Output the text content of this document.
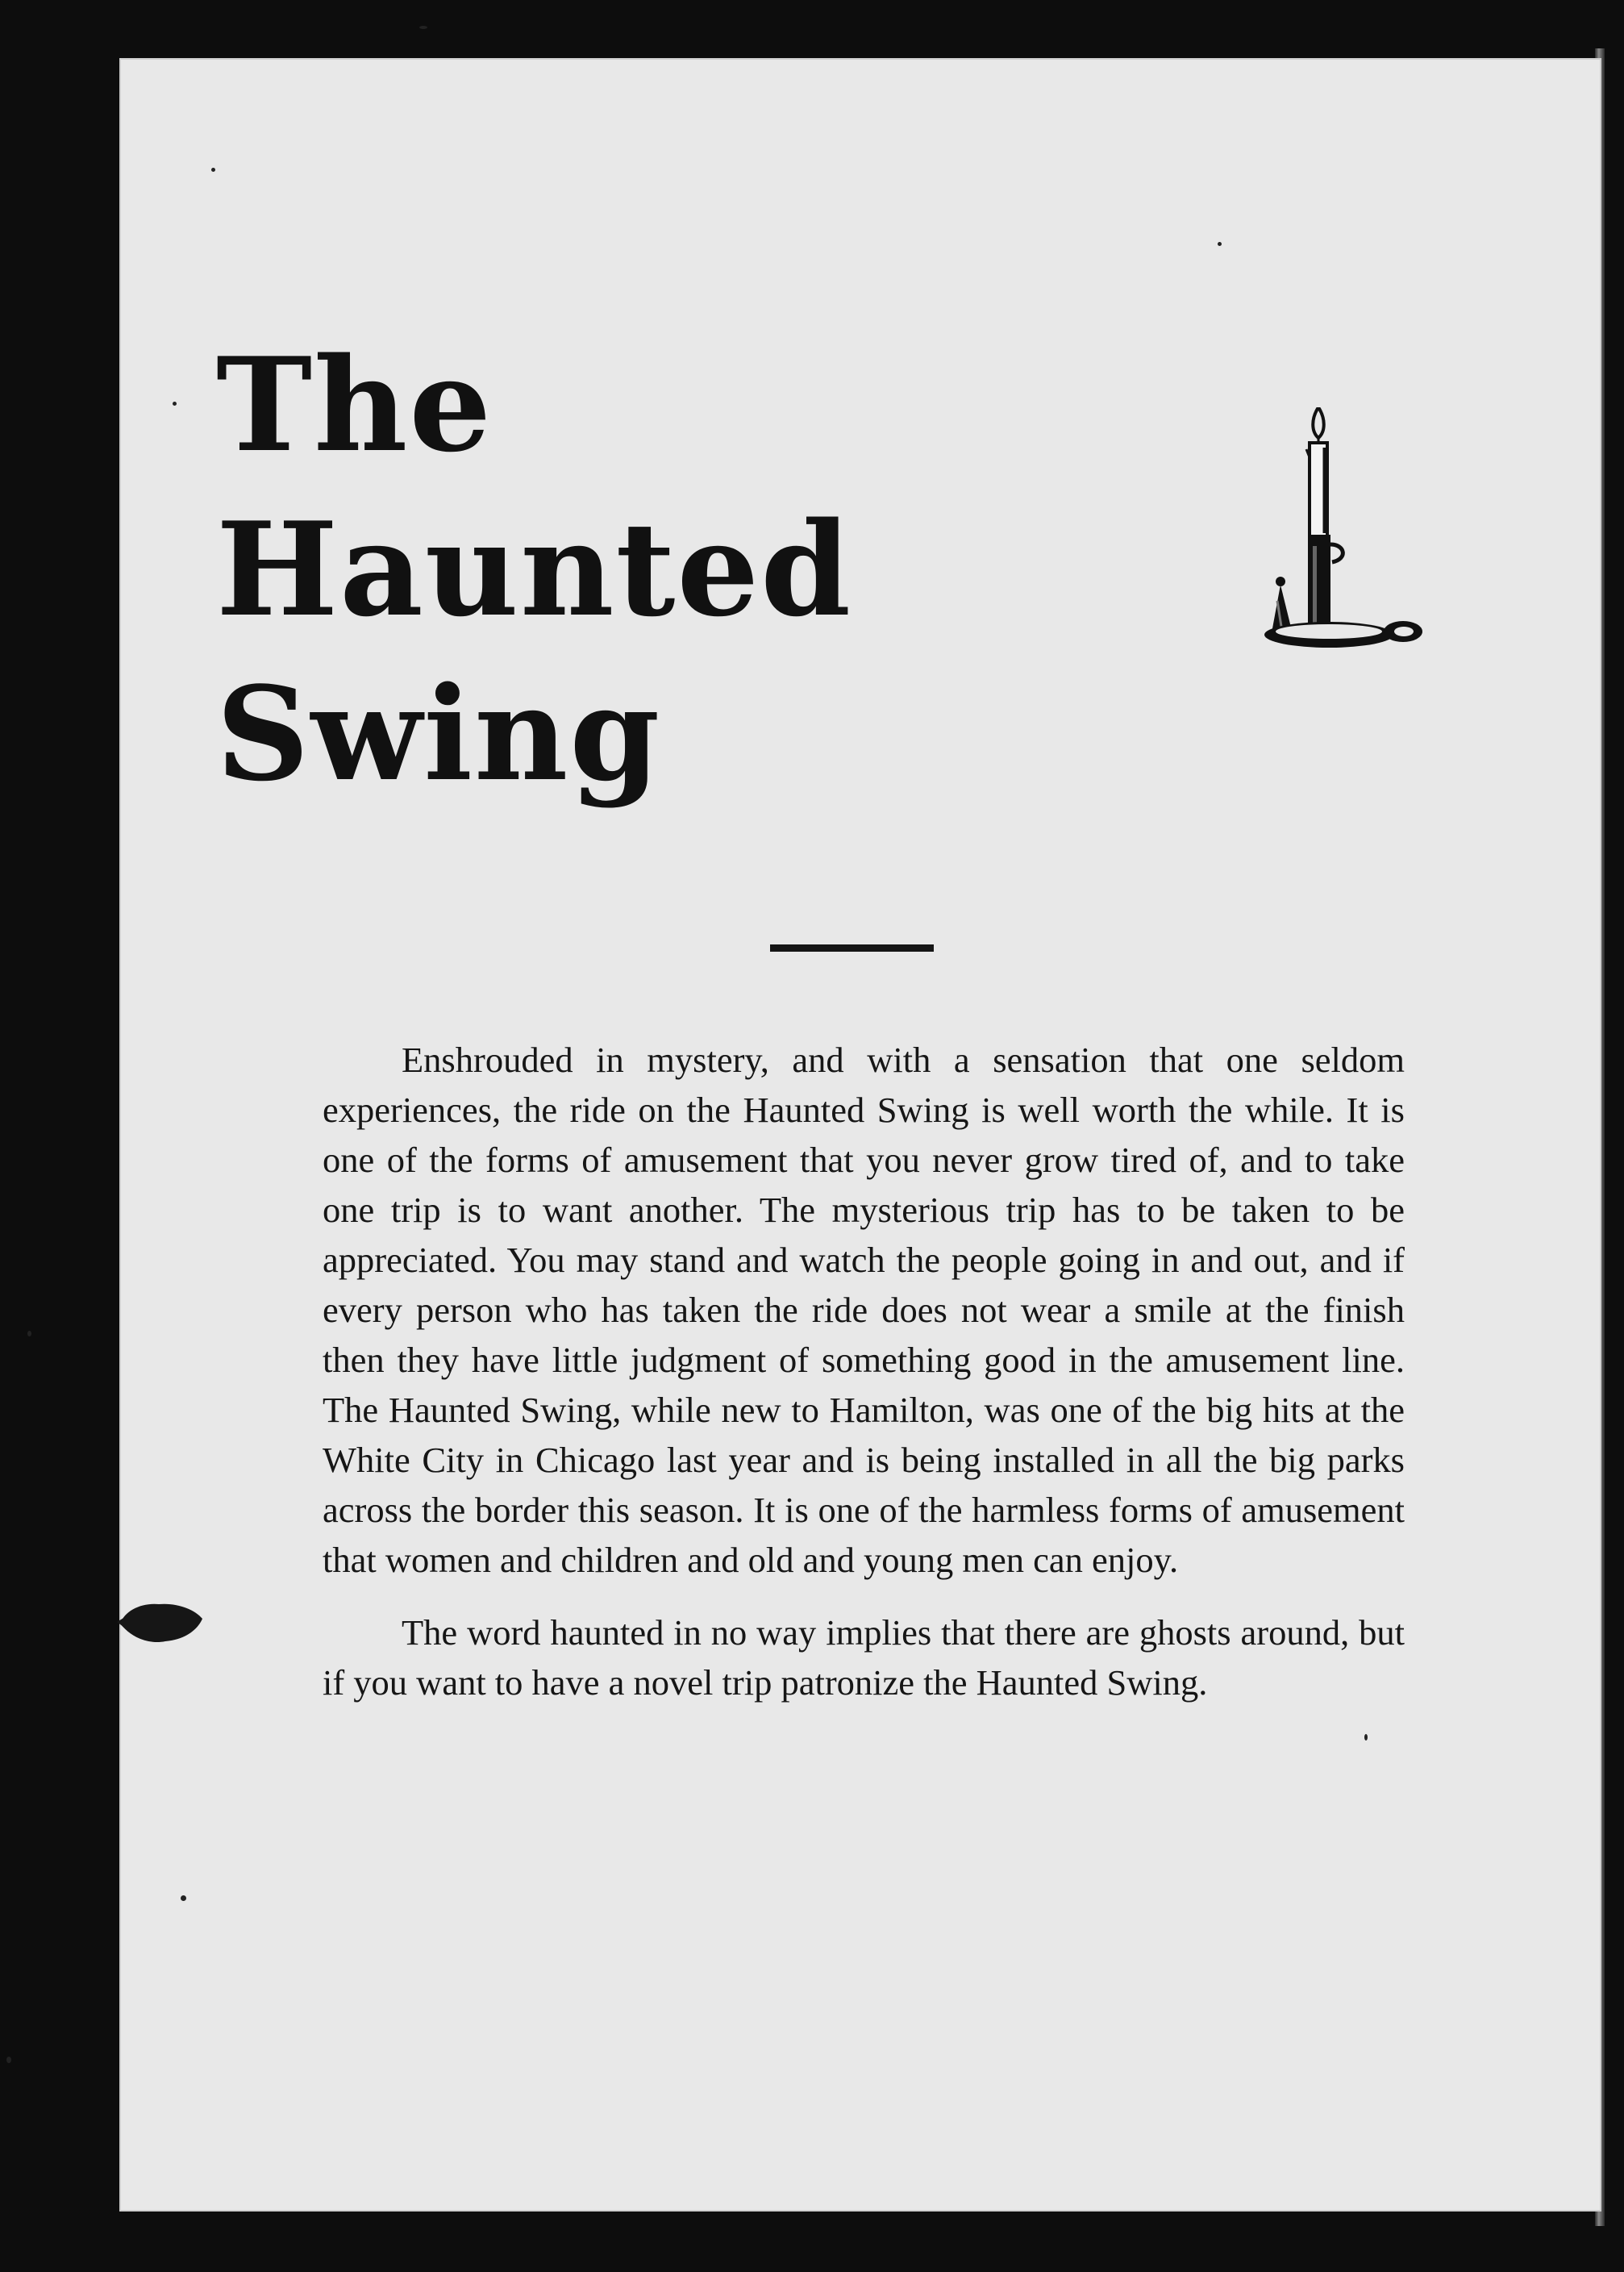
The
Haunted
Swing

Enshrouded in mystery, and with a sensation that one seldom experiences, the ride on the Haunted Swing is well worth the while. It is one of the forms of amusement that you never grow tired of, and to take one trip is to want another. The mysterious trip has to be taken to be appreciated. You may stand and watch the people going in and out, and if every person who has taken the ride does not wear a smile at the finish then they have little judgment of something good in the amusement line. The Haunted Swing, while new to Hamilton, was one of the big hits at the White City in Chicago last year and is being installed in all the big parks across the border this season. It is one of the harmless forms of amusement that women and children and old and young men can enjoy.

The word haunted in no way implies that there are ghosts around, but if you want to have a novel trip patronize the Haunted Swing.
